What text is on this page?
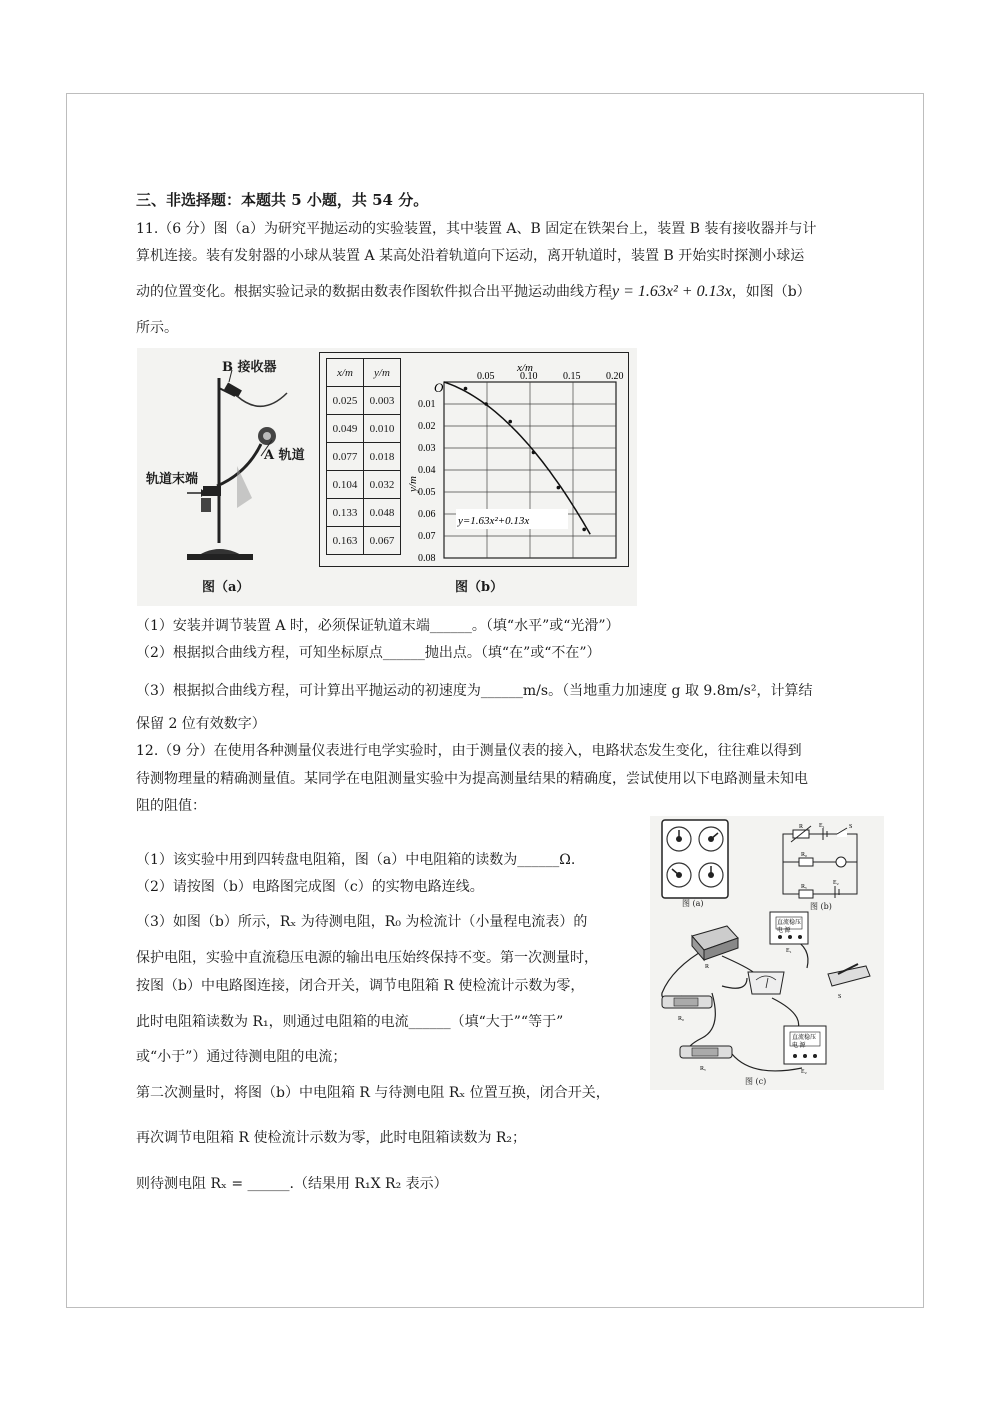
三、非选择题：本题共 5 小题，共 54 分。
11.（6 分）图（a）为研究平抛运动的实验装置，其中装置 A、B 固定在铁架台上，装置 B 装有接收器并与计
算机连接。装有发射器的小球从装置 A 某高处沿着轨道向下运动，离开轨道时，装置 B 开始实时探测小球运
动的位置变化。根据实验记录的数据由数表作图软件拟合出平抛运动曲线方程y = 1.63x² + 0.13x，如图（b）
所示。
B 接收器
A 轨道
轨道末端
图（a）
x/m	y/m
0.025	0.003
0.049	0.010
0.077	0.018
0.104	0.032
0.133	0.048
0.163	0.067
0.05	0.10	0.15	0.20
0.01
0.02
0.03
0.04
0.05
0.06
0.07
0.08
O
x/m
y/m
y=1.63x²+0.13x
图（b）
（1）安装并调节装置 A 时，必须保证轨道末端______。（填“水平”或“光滑”）
（2）根据拟合曲线方程，可知坐标原点______抛出点。（填“在”或“不在”）
（3）根据拟合曲线方程，可计算出平抛运动的初速度为______m/s。（当地重力加速度 g 取 9.8m/s²，计算结
保留 2 位有效数字）
12.（9 分）在使用各种测量仪表进行电学实验时，由于测量仪表的接入，电路状态发生变化，往往难以得到
待测物理量的精确测量值。某同学在电阻测量实验中为提高测量结果的精确度，尝试使用以下电路测量未知电
阻的阻值：
（1）该实验中用到四转盘电阻箱，图（a）中电阻箱的读数为______Ω.
（2）请按图（b）电路图完成图（c）的实物电路连线。
（3）如图（b）所示，Rₓ 为待测电阻，R₀ 为检流计（小量程电流表）的
保护电阻，实验中直流稳压电源的输出电压始终保持不变。第一次测量时，
按图（b）中电路图连接，闭合开关，调节电阻箱 R 使检流计示数为零，
此时电阻箱读数为 R₁，则通过电阻箱的电流______（填“大于”“等于”
或“小于”）通过待测电阻的电流；
第二次测量时，将图（b）中电阻箱 R 与待测电阻 Rₓ 位置互换，闭合开关，
再次调节电阻箱 R 使检流计示数为零，此时电阻箱读数为 R₂；
则待测电阻 Rₓ = ______.（结果用 R₁X R₂ 表示）
图 (a)
E₁	S
R₀
R
Rₓ
E₂
图 (b)
直流稳压
电 源
E₁
R
S
R₀
Rₓ
直流稳压
电 源
E₂
图 (c)
